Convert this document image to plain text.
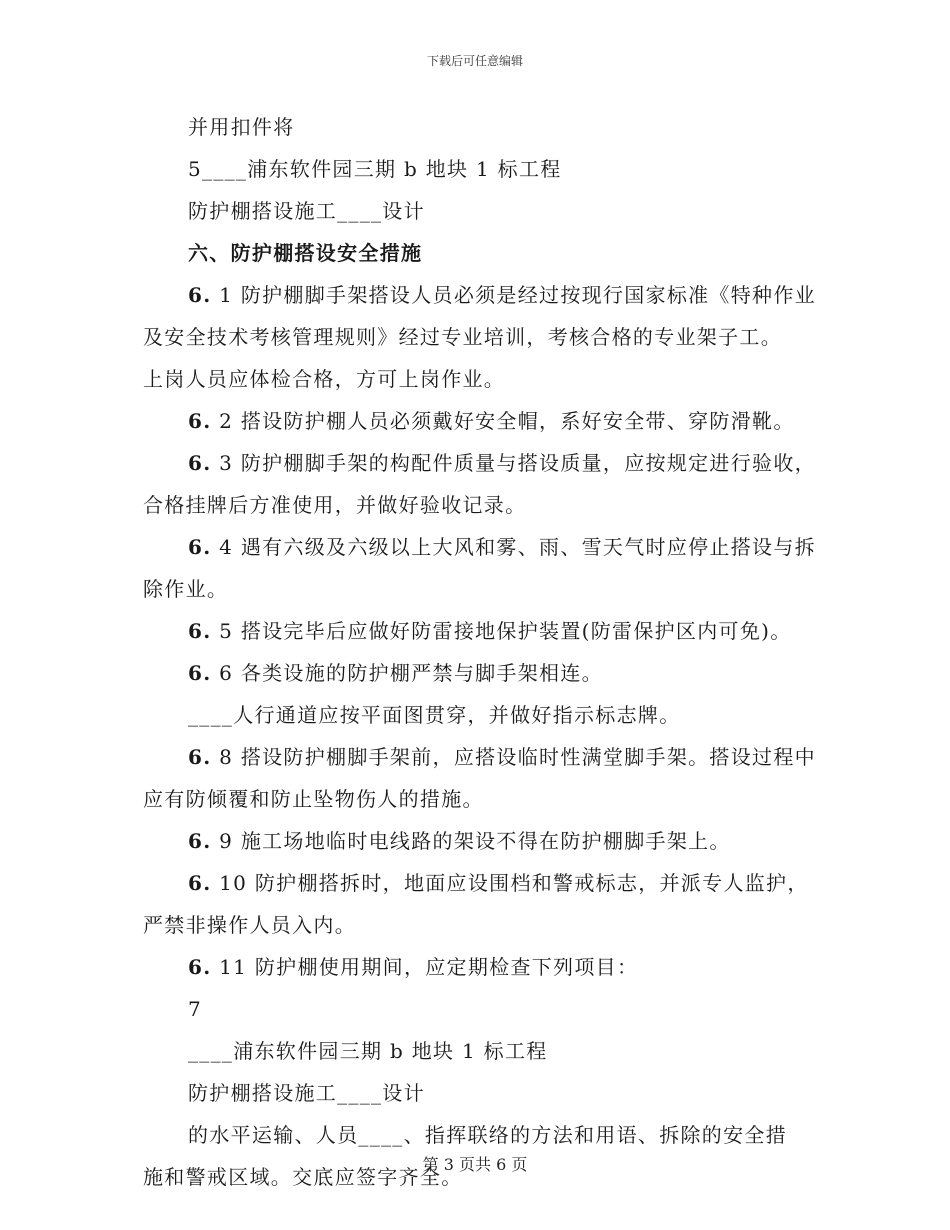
下载后可任意编辑

并用扣件将

5____浦东软件园三期 b 地块 1 标工程

防护棚搭设施工____设计

六、防护棚搭设安全措施

6. 1 防护棚脚手架搭设人员必须是经过按现行国家标准《特种作业

及安全技术考核管理规则》经过专业培训，考核合格的专业架子工。

上岗人员应体检合格，方可上岗作业。

6. 2 搭设防护棚人员必须戴好安全帽，系好安全带、穿防滑靴。

6. 3 防护棚脚手架的构配件质量与搭设质量，应按规定进行验收，

合格挂牌后方准使用，并做好验收记录。

6. 4 遇有六级及六级以上大风和雾、雨、雪天气时应停止搭设与拆

除作业。

6. 5 搭设完毕后应做好防雷接地保护装置(防雷保护区内可免)。

6. 6 各类设施的防护棚严禁与脚手架相连。

____人行通道应按平面图贯穿，并做好指示标志牌。

6. 8 搭设防护棚脚手架前，应搭设临时性满堂脚手架。搭设过程中

应有防倾覆和防止坠物伤人的措施。

6. 9 施工场地临时电线路的架设不得在防护棚脚手架上。

6. 10 防护棚搭拆时，地面应设围档和警戒标志，并派专人监护，

严禁非操作人员入内。

6. 11 防护棚使用期间，应定期检查下列项目：

7

____浦东软件园三期 b 地块 1 标工程

防护棚搭设施工____设计

的水平运输、人员____、指挥联络的方法和用语、拆除的安全措

施和警戒区域。交底应签字齐全。

第 3 页共 6 页
